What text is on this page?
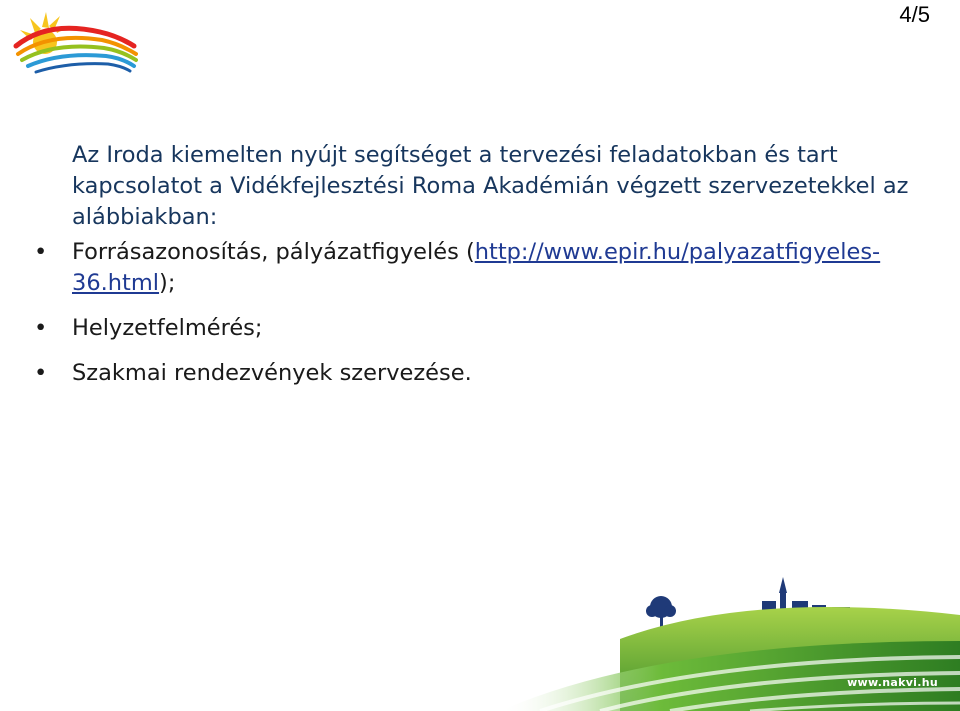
4/5

Az Iroda kiemelten nyújt segítséget a tervezési feladatokban és tart kapcsolatot a Vidékfejlesztési Roma Akadémián végzett szervezetekkel az alábbiakban:

• Forrásazonosítás, pályázatfigyelés (http://www.epir.hu/palyazatfigyeles-36.html);
• Helyzetfelmérés;
• Szakmai rendezvények szervezése.
www.nakvi.hu
